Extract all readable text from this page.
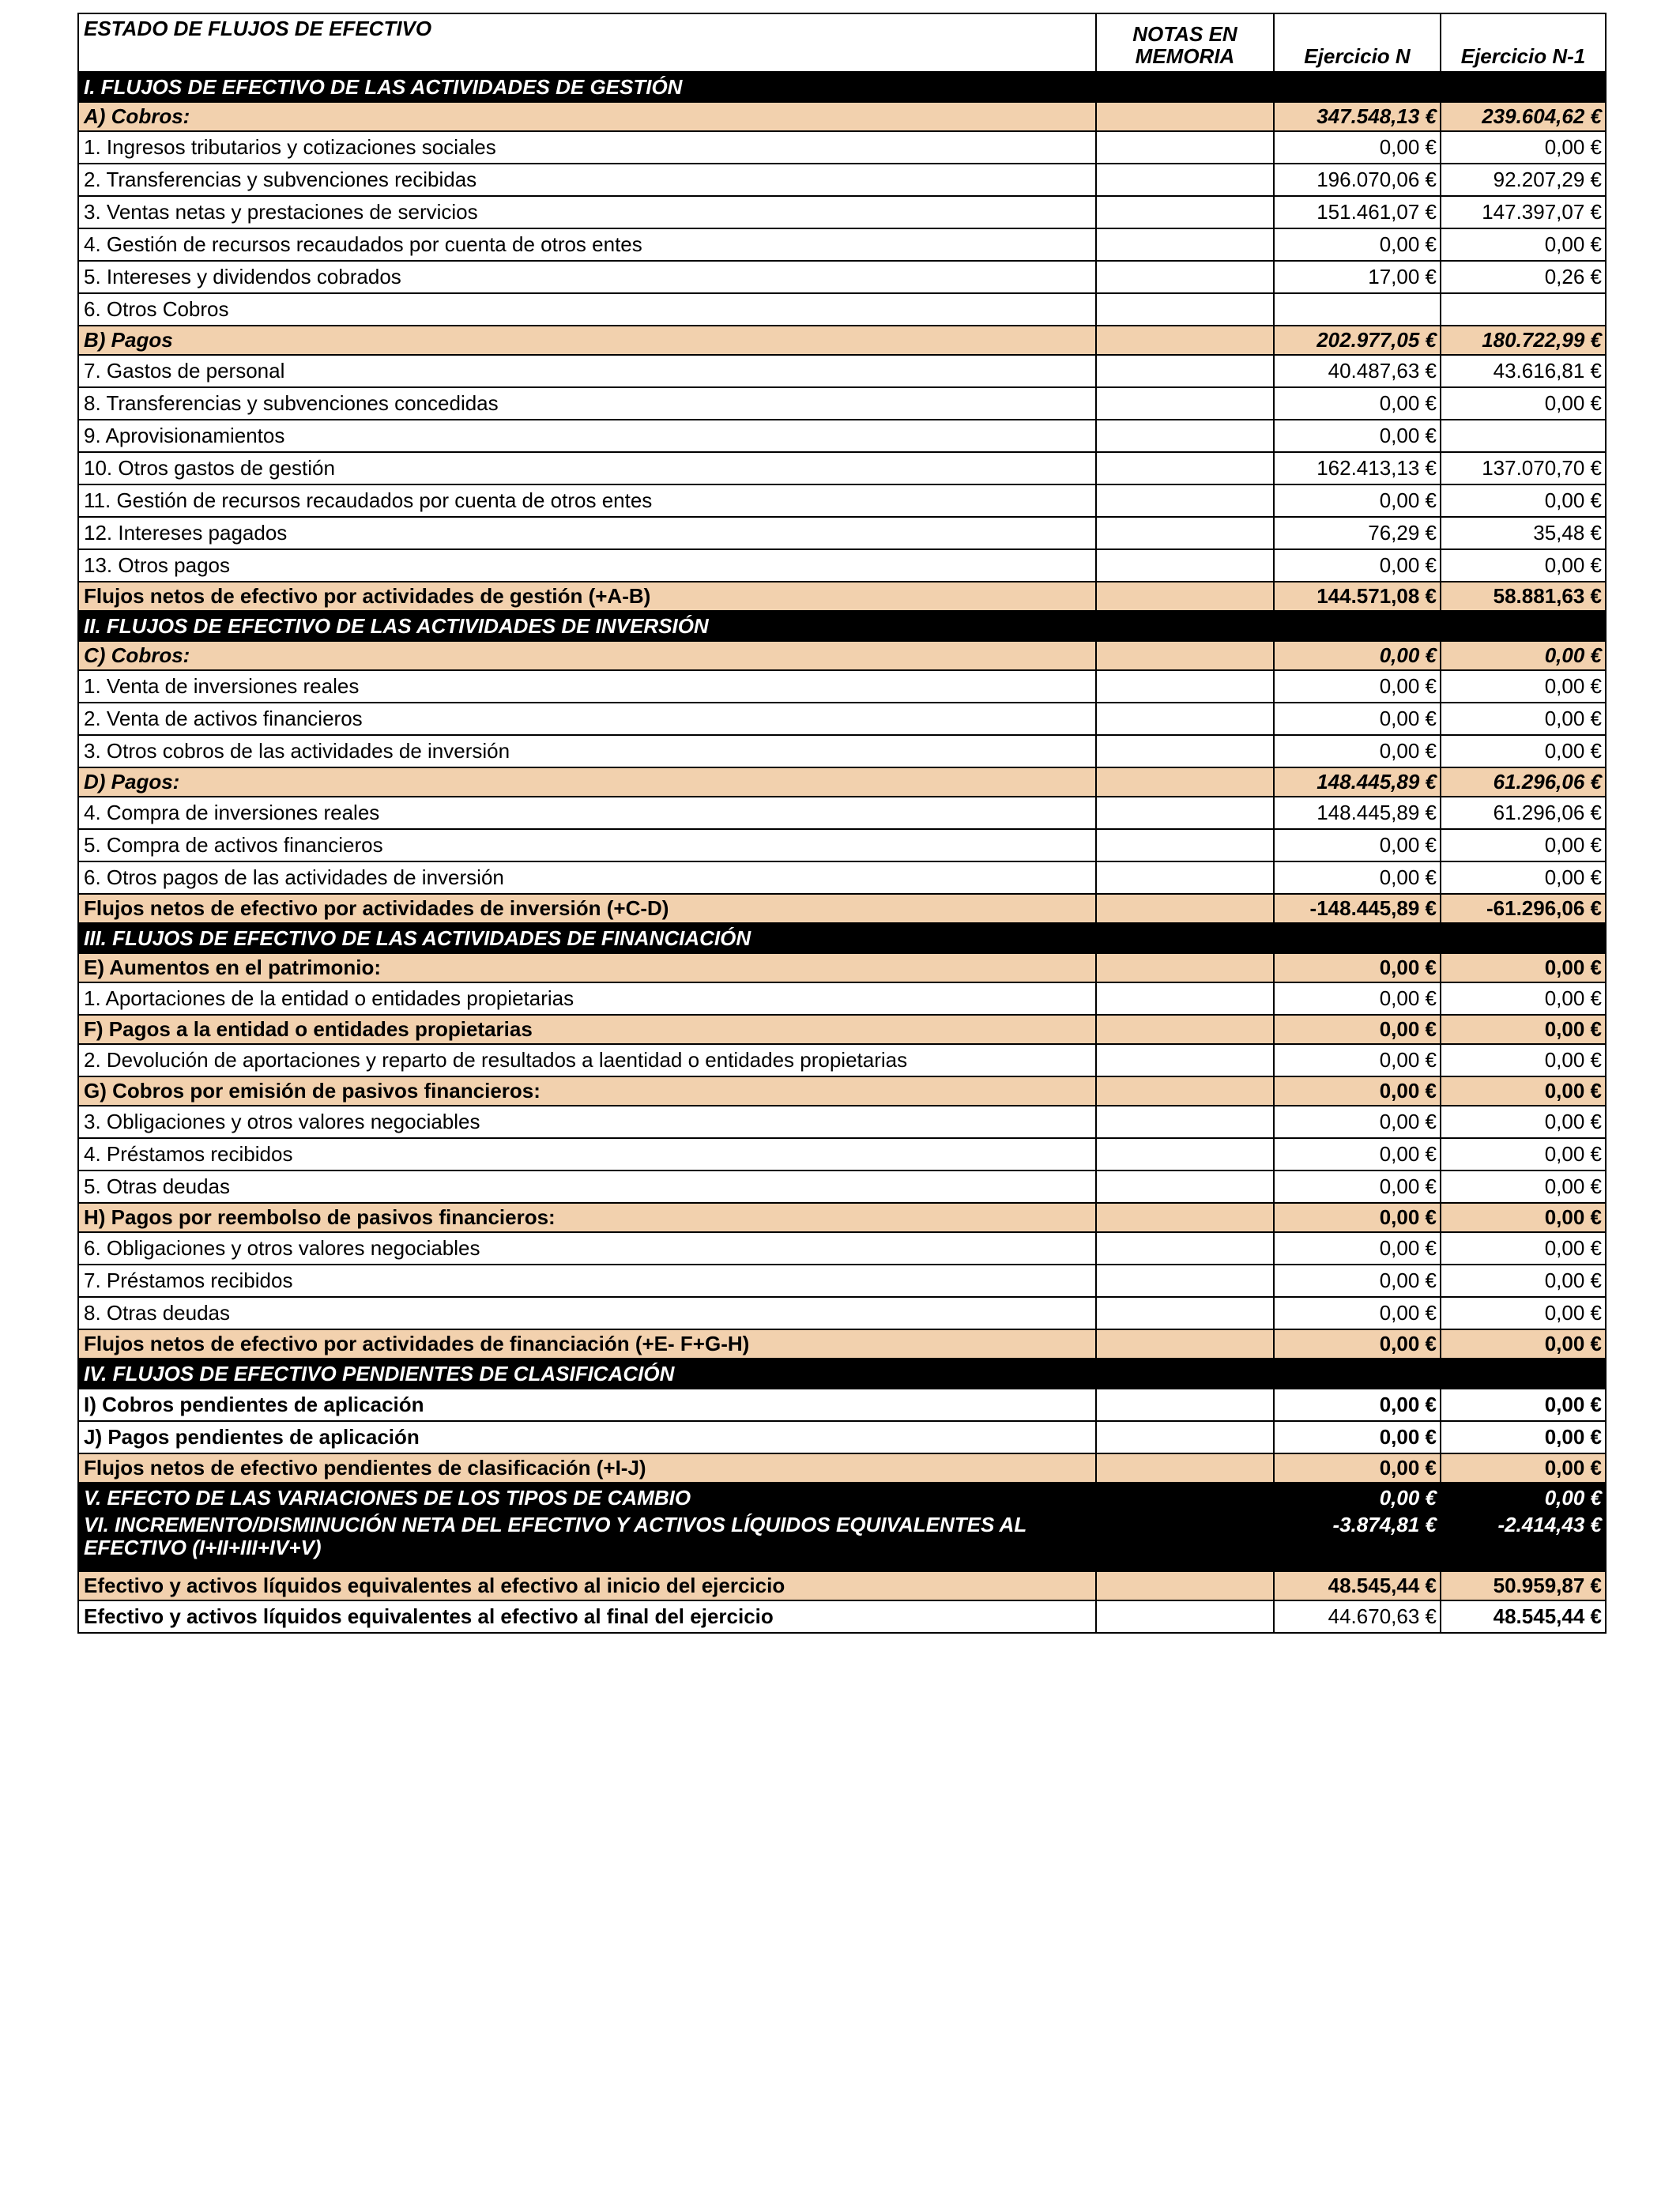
ESTADO DE FLUJOS DE EFECTIVO	NOTAS EN MEMORIA	Ejercicio N	Ejercicio N-1
I. FLUJOS DE EFECTIVO DE LAS ACTIVIDADES DE GESTIÓN			
A) Cobros:		347.548,13 €	239.604,62 €
1. Ingresos tributarios y cotizaciones sociales		0,00 €	0,00 €
2. Transferencias y subvenciones recibidas		196.070,06 €	92.207,29 €
3. Ventas netas y prestaciones de servicios		151.461,07 €	147.397,07 €
4. Gestión de recursos recaudados por cuenta de otros entes		0,00 €	0,00 €
5. Intereses y dividendos cobrados		17,00 €	0,26 €
6. Otros Cobros			
B) Pagos		202.977,05 €	180.722,99 €
7. Gastos de personal		40.487,63 €	43.616,81 €
8. Transferencias y subvenciones concedidas		0,00 €	0,00 €
9. Aprovisionamientos		0,00 €	
10. Otros gastos de gestión		162.413,13 €	137.070,70 €
11. Gestión de recursos recaudados por cuenta de otros entes		0,00 €	0,00 €
12. Intereses pagados		76,29 €	35,48 €
13. Otros pagos		0,00 €	0,00 €
Flujos netos de efectivo por actividades de gestión (+A-B)		144.571,08 €	58.881,63 €
II. FLUJOS DE EFECTIVO DE LAS ACTIVIDADES DE INVERSIÓN			
C) Cobros:		0,00 €	0,00 €
1. Venta de inversiones reales		0,00 €	0,00 €
2. Venta de activos financieros		0,00 €	0,00 €
3. Otros cobros de las actividades de inversión		0,00 €	0,00 €
D) Pagos:		148.445,89 €	61.296,06 €
4. Compra de inversiones reales		148.445,89 €	61.296,06 €
5. Compra de activos financieros		0,00 €	0,00 €
6. Otros pagos de las actividades de inversión		0,00 €	0,00 €
Flujos netos de efectivo por actividades de inversión (+C-D)		-148.445,89 €	-61.296,06 €
III. FLUJOS DE EFECTIVO DE LAS ACTIVIDADES DE FINANCIACIÓN			
E) Aumentos en el patrimonio:		0,00 €	0,00 €
1. Aportaciones de la entidad o entidades propietarias		0,00 €	0,00 €
F) Pagos a la entidad o entidades propietarias		0,00 €	0,00 €
2. Devolución de aportaciones y reparto de resultados a laentidad o entidades propietarias		0,00 €	0,00 €
G) Cobros por emisión de pasivos financieros:		0,00 €	0,00 €
3. Obligaciones y otros valores negociables		0,00 €	0,00 €
4. Préstamos recibidos		0,00 €	0,00 €
5. Otras deudas		0,00 €	0,00 €
H) Pagos por reembolso de pasivos financieros:		0,00 €	0,00 €
6. Obligaciones y otros valores negociables		0,00 €	0,00 €
7. Préstamos recibidos		0,00 €	0,00 €
8. Otras deudas		0,00 €	0,00 €
Flujos netos de efectivo por actividades de financiación (+E- F+G-H)		0,00 €	0,00 €
IV. FLUJOS DE EFECTIVO PENDIENTES DE CLASIFICACIÓN			
I) Cobros pendientes de aplicación		0,00 €	0,00 €
J) Pagos pendientes de aplicación		0,00 €	0,00 €
Flujos netos de efectivo pendientes de clasificación (+I-J)		0,00 €	0,00 €
V. EFECTO DE LAS VARIACIONES DE LOS TIPOS DE CAMBIO		0,00 €	0,00 €
VI. INCREMENTO/DISMINUCIÓN NETA DEL EFECTIVO Y ACTIVOS LÍQUIDOS EQUIVALENTES AL EFECTIVO (I+II+III+IV+V)		-3.874,81 €	-2.414,43 €
Efectivo y activos líquidos equivalentes al efectivo al inicio del ejercicio		48.545,44 €	50.959,87 €
Efectivo y activos líquidos equivalentes al efectivo al final del ejercicio		44.670,63 €	48.545,44 €
